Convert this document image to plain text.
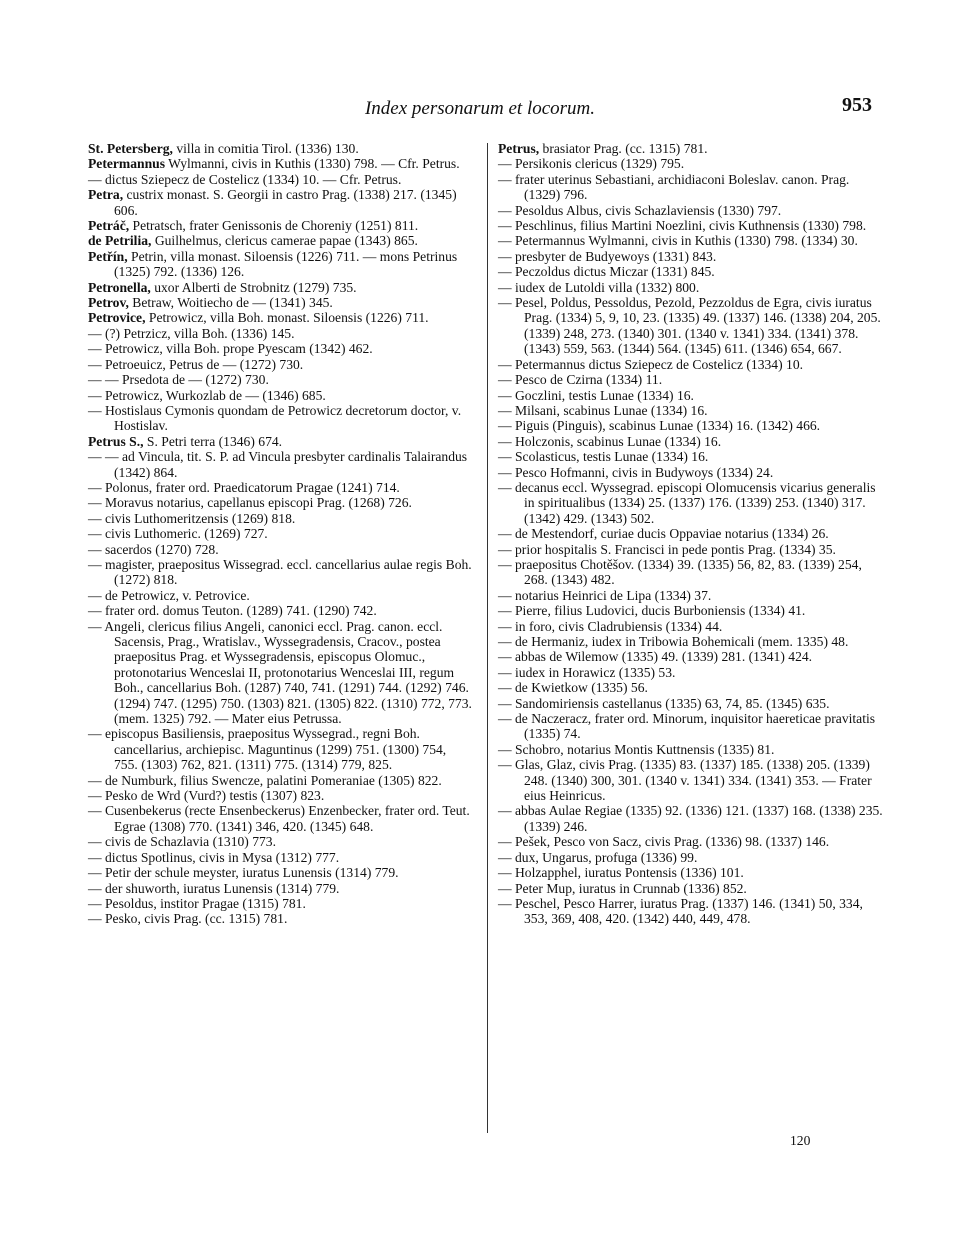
Index personarum et locorum.	953

St. Petersberg, villa in comitia Tirol. (1336) 130.

Petermannus Wylmanni, civis in Kuthis (1330) 798. — Cfr. Petrus.

— dictus Sziepecz de Costelicz (1334) 10. — Cfr. Petrus.

Petra, custrix monast. S. Georgii in castro Prag. (1338) 217. (1345) 606.

Petráč, Petratsch, frater Genissonis de Choreniy (1251) 811.

de Petrilia, Guilhelmus, clericus camerae papae (1343) 865.

Petřín, Petrin, villa monast. Siloensis (1226) 711. — mons Petrinus (1325) 792. (1336) 126.

Petronella, uxor Alberti de Strobnitz (1279) 735.

Petrov, Betraw, Woitiecho de — (1341) 345.

Petrovice, Petrowicz, villa Boh. monast. Siloensis (1226) 711.

— (?) Petrzicz, villa Boh. (1336) 145.

— Petrowicz, villa Boh. prope Pyescam (1342) 462.

— Petroeuicz, Petrus de — (1272) 730.

— — Prsedota de — (1272) 730.

— Petrowicz, Wurkozlab de — (1346) 685.

— Hostislaus Cymonis quondam de Petrowicz decretorum doctor, v. Hostislav.

Petrus S., S. Petri terra (1346) 674.

— — ad Vincula, tit. S. P. ad Vincula presbyter cardinalis Talairandus (1342) 864.

— Polonus, frater ord. Praedicatorum Pragae (1241) 714.

— Moravus notarius, capellanus episcopi Prag. (1268) 726.

— civis Luthomeritzensis (1269) 818.

— civis Luthomeric. (1269) 727.

— sacerdos (1270) 728.

— magister, praepositus Wissegrad. eccl. cancellarius aulae regis Boh. (1272) 818.

— de Petrowicz, v. Petrovice.

— frater ord. domus Teuton. (1289) 741. (1290) 742.

— Angeli, clericus filius Angeli, canonici eccl. Prag. canon. eccl. Sacensis, Prag., Wratislav., Wyssegradensis, Cracov., postea praepositus Prag. et Wyssegradensis, episcopus Olomuc., protonotarius Wenceslai II, protonotarius Wenceslai III, regum Boh., cancellarius Boh. (1287) 740, 741. (1291) 744. (1292) 746. (1294) 747. (1295) 750. (1303) 821. (1305) 822. (1310) 772, 773. (mem. 1325) 792. — Mater eius Petrussa.

— episcopus Basiliensis, praepositus Wyssegrad., regni Boh. cancellarius, archiepisc. Maguntinus (1299) 751. (1300) 754, 755. (1303) 762, 821. (1311) 775. (1314) 779, 825.

— de Numburk, filius Swencze, palatini Pomeraniae (1305) 822.

— Pesko de Wrd (Vurd?) testis (1307) 823.

— Cusenbekerus (recte Ensenbeckerus) Enzenbecker, frater ord. Teut. Egrae (1308) 770. (1341) 346, 420. (1345) 648.

— civis de Schazlavia (1310) 773.

— dictus Spotlinus, civis in Mysa (1312) 777.

— Petir der schule meyster, iuratus Lunensis (1314) 779.

— der shuworth, iuratus Lunensis (1314) 779.

— Pesoldus, institor Pragae (1315) 781.

— Pesko, civis Prag. (cc. 1315) 781.

Petrus, brasiator Prag. (cc. 1315) 781.

— Persikonis clericus (1329) 795.

— frater uterinus Sebastiani, archidiaconi Boleslav. canon. Prag. (1329) 796.

— Pesoldus Albus, civis Schazlaviensis (1330) 797.

— Peschlinus, filius Martini Noezlini, civis Kuthnensis (1330) 798.

— Petermannus Wylmanni, civis in Kuthis (1330) 798. (1334) 30.

— presbyter de Budyewoys (1331) 843.

— Peczoldus dictus Miczar (1331) 845.

— iudex de Lutoldi villa (1332) 800.

— Pesel, Poldus, Pessoldus, Pezold, Pezzoldus de Egra, civis iuratus Prag. (1334) 5, 9, 10, 23. (1335) 49. (1337) 146. (1338) 204, 205. (1339) 248, 273. (1340) 301. (1340 v. 1341) 334. (1341) 378. (1343) 559, 563. (1344) 564. (1345) 611. (1346) 654, 667.

— Petermannus dictus Sziepecz de Costelicz (1334) 10.

— Pesco de Czirna (1334) 11.

— Goczlini, testis Lunae (1334) 16.

— Milsani, scabinus Lunae (1334) 16.

— Piguis (Pinguis), scabinus Lunae (1334) 16. (1342) 466.

— Holczonis, scabinus Lunae (1334) 16.

— Scolasticus, testis Lunae (1334) 16.

— Pesco Hofmanni, civis in Budywoys (1334) 24.

— decanus eccl. Wyssegrad. episcopi Olomucensis vicarius generalis in spiritualibus (1334) 25. (1337) 176. (1339) 253. (1340) 317. (1342) 429. (1343) 502.

— de Mestendorf, curiae ducis Oppaviae notarius (1334) 26.

— prior hospitalis S. Francisci in pede pontis Prag. (1334) 35.

— praepositus Chotěšov. (1334) 39. (1335) 56, 82, 83. (1339) 254, 268. (1343) 482.

— notarius Heinrici de Lipa (1334) 37.

— Pierre, filius Ludovici, ducis Burboniensis (1334) 41.

— in foro, civis Cladrubiensis (1334) 44.

— de Hermaniz, iudex in Tribowia Bohemicali (mem. 1335) 48.

— abbas de Wilemow (1335) 49. (1339) 281. (1341) 424.

— iudex in Horawicz (1335) 53.

— de Kwietkow (1335) 56.

— Sandomiriensis castellanus (1335) 63, 74, 85. (1345) 635.

— de Naczeracz, frater ord. Minorum, inquisitor haereticae pravitatis (1335) 74.

— Schobro, notarius Montis Kuttnensis (1335) 81.

— Glas, Glaz, civis Prag. (1335) 83. (1337) 185. (1338) 205. (1339) 248. (1340) 300, 301. (1340 v. 1341) 334. (1341) 353. — Frater eius Heinricus.

— abbas Aulae Regiae (1335) 92. (1336) 121. (1337) 168. (1338) 235. (1339) 246.

— Pešek, Pesco von Sacz, civis Prag. (1336) 98. (1337) 146.

— dux, Ungarus, profuga (1336) 99.

— Holzapphel, iuratus Pontensis (1336) 101.

— Peter Mup, iuratus in Crunnab (1336) 852.

— Peschel, Pesco Harrer, iuratus Prag. (1337) 146. (1341) 50, 334, 353, 369, 408, 420. (1342) 440, 449, 478.

120
